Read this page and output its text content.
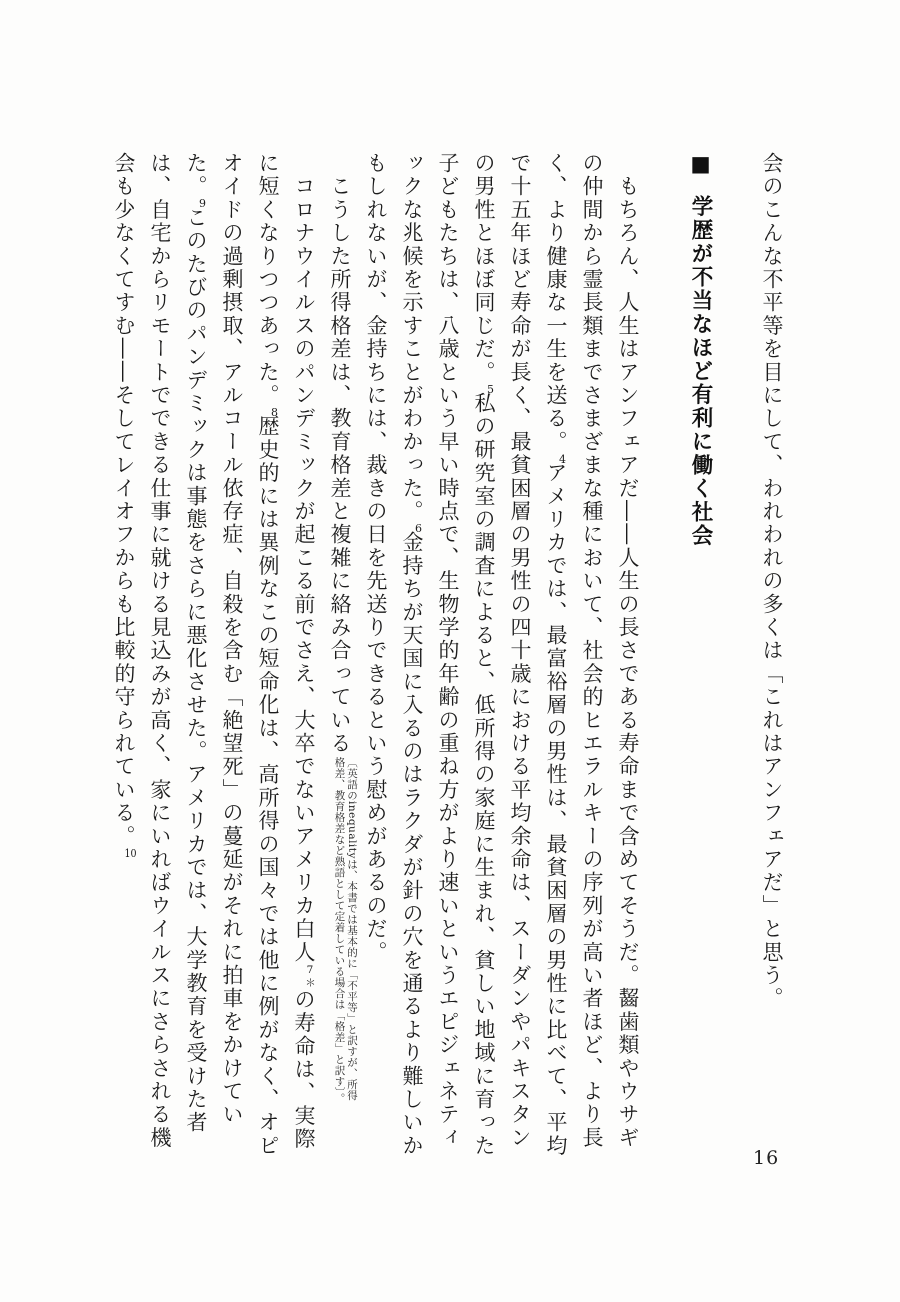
会のこんな不平等を目にして、われわれの多くは「これはアンフェアだ」と思う。

■学歴が不当なほど有利に働く社会

　もちろん、人生はアンフェアだ――人生の長さである寿命まで含めてそうだ。齧歯類やウサギの仲間から霊長類までさまざまな種において、社会的ヒエラルキーの序列が高い者ほど、より長く、より健康な一生を送る。4アメリカでは、最富裕層の男性は、最貧困層の男性に比べて、平均で十五年ほど寿命が長く、最貧困層の男性の四十歳における平均余命は、スーダンやパキスタンの男性とほぼ同じだ。5私の研究室の調査によると、低所得の家庭に生まれ、貧しい地域に育った子どもたちは、八歳という早い時点で、生物学的年齢の重ね方がより速いというエピジェネティックな兆候を示すことがわかった。6金持ちが天国に入るのはラクダが針の穴を通るより難しいかもしれないが、金持ちには、裁きの日を先送りできるという慰めがあるのだ。

　こうした所得格差は、教育格差と複雑に絡み合っている〔英語のinequalityは、本書では基本的に「不平等」と訳すが、所得格差、教育格差など熟語として定着している場合は「格差」と訳す〕。

　コロナウイルスのパンデミックが起こる前でさえ、大卒でないアメリカ白人7＊の寿命は、実際に短くなりつつあった。8歴史的には異例なこの短命化は、高所得の国々では他に例がなく、オピオイドの過剰摂取、アルコール依存症、自殺を含む「絶望死」の蔓延がそれに拍車をかけていた。9このたびのパンデミックは事態をさらに悪化させた。アメリカでは、大学教育を受けた者は、自宅からリモートでできる仕事に就ける見込みが高く、家にいればウイルスにさらされる機会も少なくてすむ――そしてレイオフからも比較的守られている。10

16
